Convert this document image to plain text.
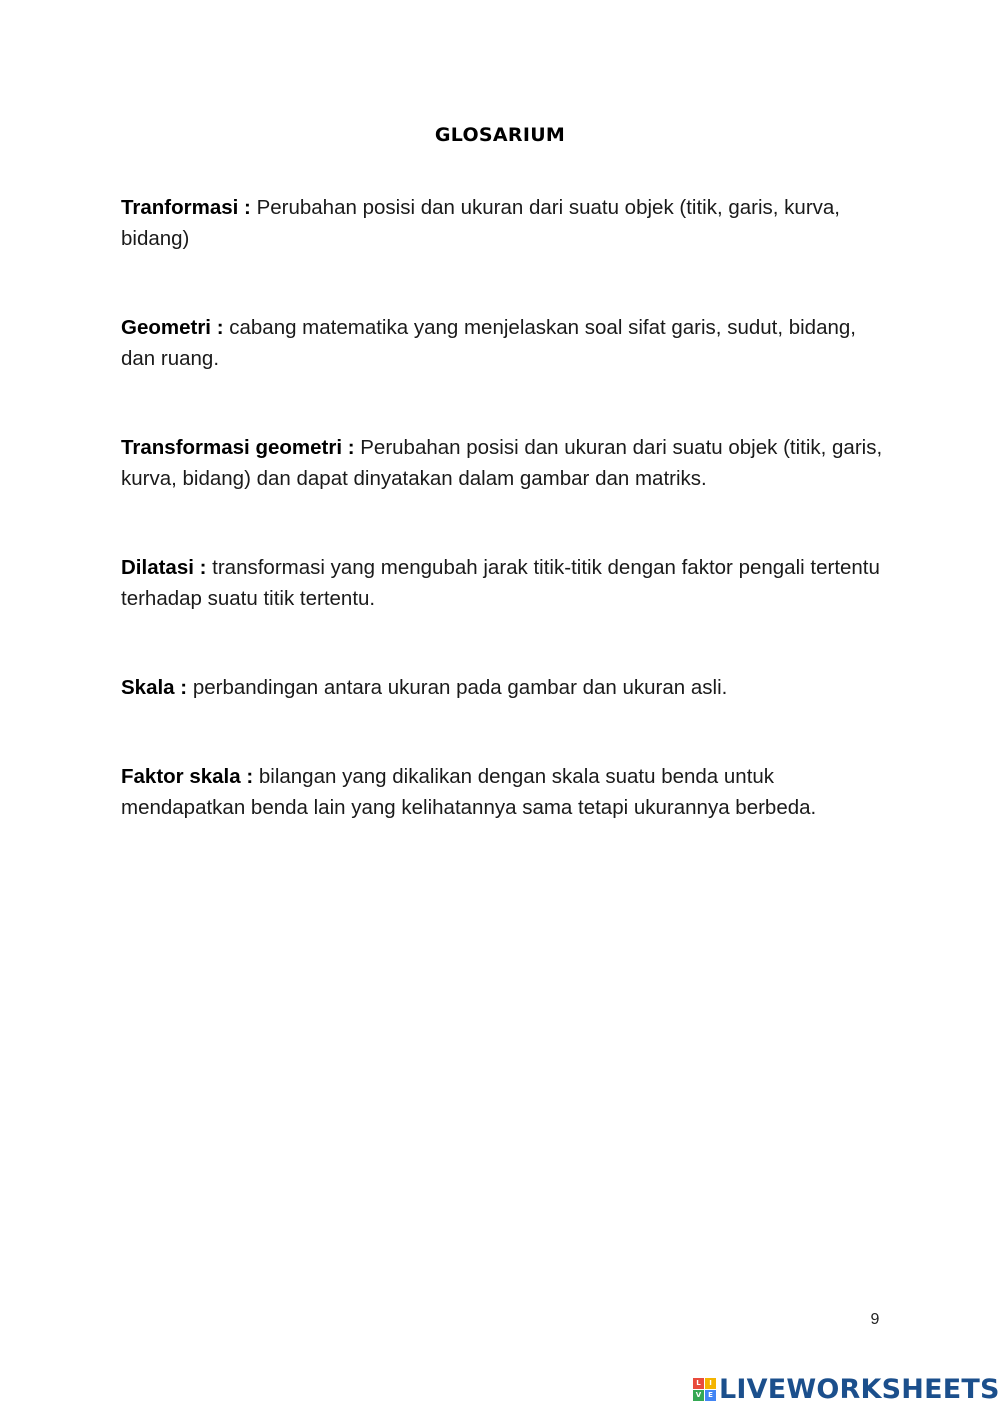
GLOSARIUM

Tranformasi : Perubahan posisi dan ukuran dari suatu objek (titik, garis, kurva, bidang)

Geometri : cabang matematika yang menjelaskan soal sifat garis, sudut, bidang, dan ruang.

Transformasi geometri : Perubahan posisi dan ukuran dari suatu objek (titik, garis, kurva, bidang) dan dapat dinyatakan dalam gambar dan matriks.

Dilatasi : transformasi yang mengubah jarak titik-titik dengan faktor pengali tertentu terhadap suatu titik tertentu.

Skala : perbandingan antara ukuran pada gambar dan ukuran asli.

Faktor skala : bilangan yang dikalikan dengan skala suatu benda untuk mendapatkan benda lain yang kelihatannya sama tetapi ukurannya berbeda.

9
L	I
V E LIVEWORKSHEETS
